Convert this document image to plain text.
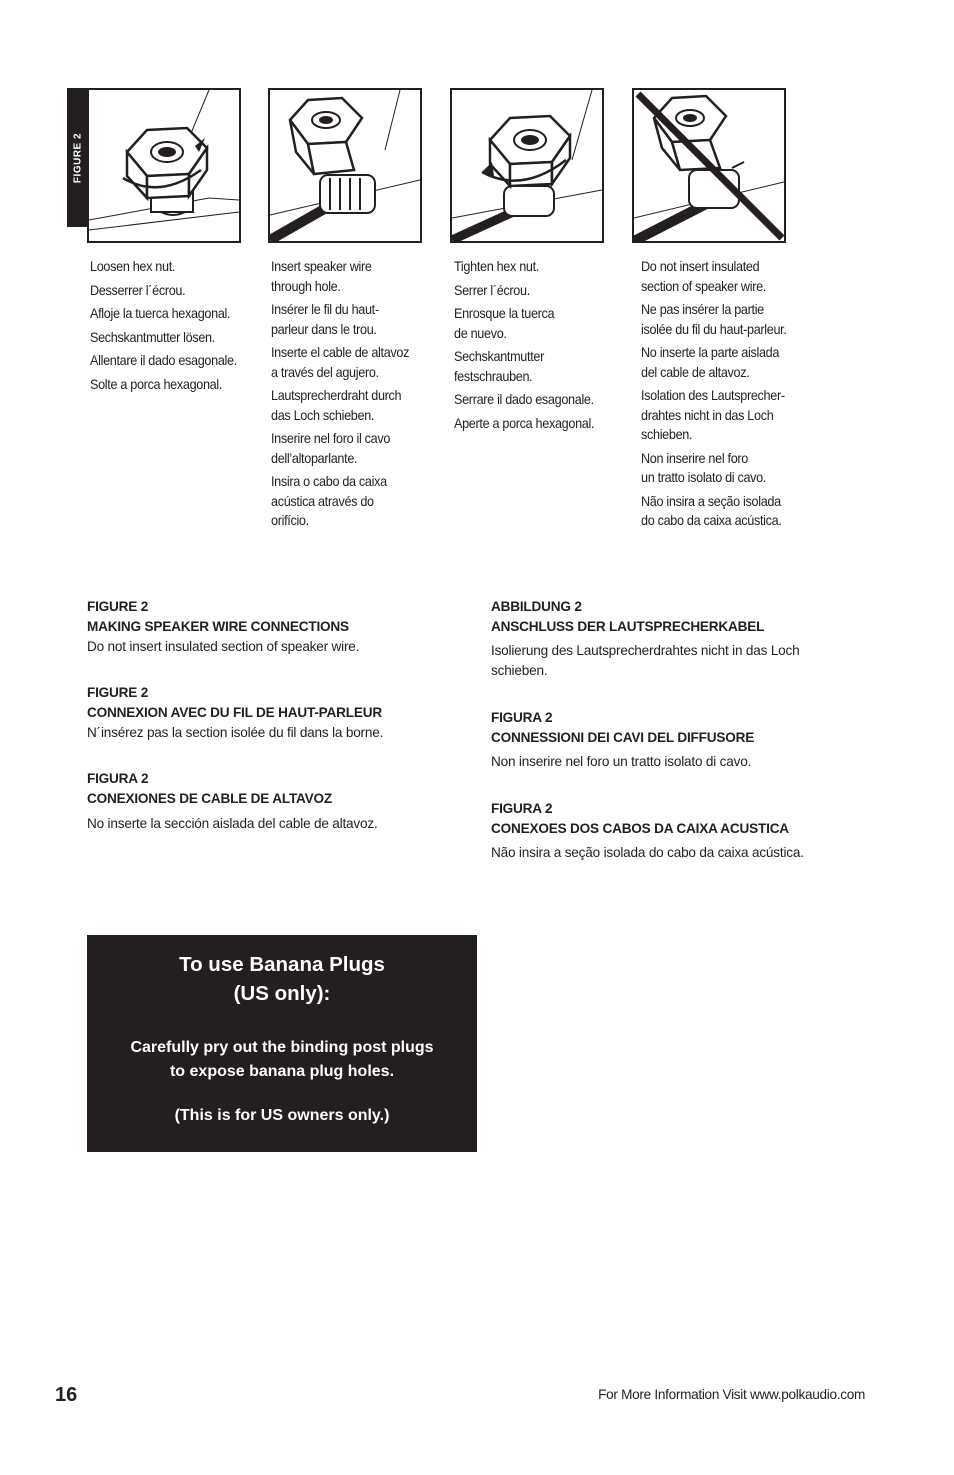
FIGURE 2

Loosen hex nut.

Desserrer l´écrou.

Afloje la tuerca hexagonal.

Sechskantmutter lösen.

Allentare il dado esagonale.

Solte a porca hexagonal.

Insert speaker wire
through hole.

Insérer le fil du haut-
parleur dans le trou.

Inserte el cable de altavoz
a través del agujero.

Lautsprecherdraht durch
das Loch schieben.

Inserire nel foro il cavo
dell’altoparlante.

Insira o cabo da caixa
acústica através do
orifício.

Tighten hex nut.

Serrer l´écrou.

Enrosque la tuerca
de nuevo.

Sechskantmutter
festschrauben.

Serrare il dado esagonale.

Aperte a porca hexagonal.

Do not insert insulated
section of speaker wire.

Ne pas insérer la partie
isolée du fil du haut-parleur.

No inserte la parte aislada
del cable de altavoz.

Isolation des Lautsprecher-
drahtes nicht in das Loch
schieben.

Non inserire nel foro
un tratto isolato di cavo.

Não insira a seção isolada
do cabo da caixa acústica.

FIGURE 2

MAKING SPEAKER WIRE CONNECTIONS

Do not insert insulated section of speaker wire.

FIGURE 2

CONNEXION AVEC DU FIL DE HAUT-PARLEUR

N´insérez pas la section isolée du fil dans la borne.

FIGURA 2

CONEXIONES DE CABLE DE ALTAVOZ

No inserte la sección aislada del cable de altavoz.

ABBILDUNG 2

ANSCHLUSS DER LAUTSPRECHERKABEL

Isolierung des Lautsprecherdrahtes nicht in das Loch
schieben.

FIGURA 2

CONNESSIONI DEI CAVI DEL DIFFUSORE

Non inserire nel foro un tratto isolato di cavo.

FIGURA 2

CONEXOES DOS CABOS DA CAIXA ACUSTICA

Não insira a seção isolada do cabo da caixa acústica.

To use Banana Plugs

(US only):

Carefully pry out the binding post plugs
to expose banana plug holes.

(This is for US owners only.)

16	For More Information Visit www.polkaudio.com
